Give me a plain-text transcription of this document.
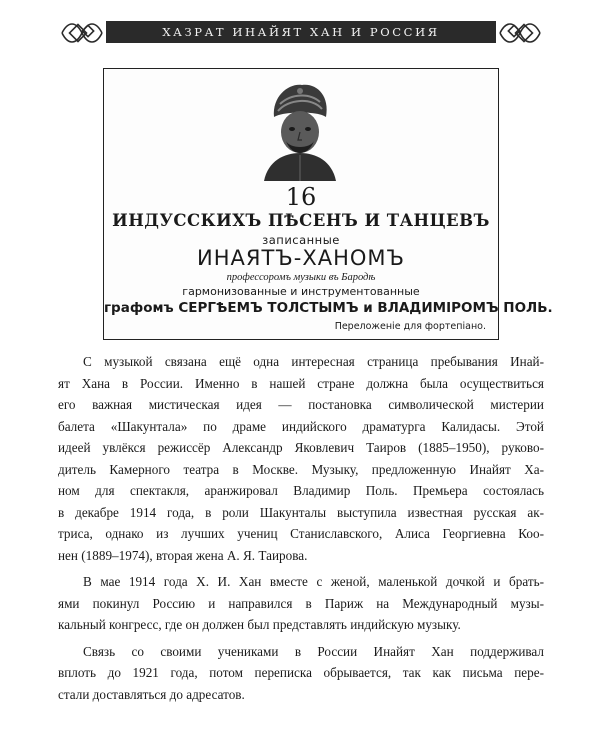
ХАЗРАТ ИНАЙЯТ ХАН И РОССИЯ
16
ИНДУССКИХЪ ПѢСЕНЪ И ТАНЦЕВЪ
записанные
ИНАЯТЪ-ХАНОМЪ
профессоромъ музыки въ Бародѣ
гармонизованные и инструментованные
графомъ СЕРГѢЕМЪ ТОЛСТЫМЪ и ВЛАДИМІРОМЪ ПОЛЬ.
Переложеніе для фортепіано.

С музыкой связана ещё одна интересная страница пребывания Инай-
ят Хана в России. Именно в нашей стране должна была осуществиться
его важная мистическая идея — постановка символической мистерии
балета «Шакунтала» по драме индийского драматурга Калидасы. Этой
идеей увлёкся режиссёр Александр Яковлевич Таиров (1885–1950), руково-
дитель Камерного театра в Москве. Музыку, предложенную Инайят Ха-
ном для спектакля, аранжировал Владимир Поль. Премьера состоялась
в декабре 1914 года, в роли Шакунталы выступила известная русская ак-
триса, однако из лучших учениц Станиславского, Алиса Георгиевна Коо-
нен (1889–1974), вторая жена А. Я. Таирова.

В мае 1914 года Х. И. Хан вместе с женой, маленькой дочкой и брать-
ями покинул Россию и направился в Париж на Международный музы-
кальный конгресс, где он должен был представлять индийскую музыку.

Связь со своими учениками в России Инайят Хан поддерживал
вплоть до 1921 года, потом переписка обрывается, так как письма пере-
стали доставляться до адресатов.
